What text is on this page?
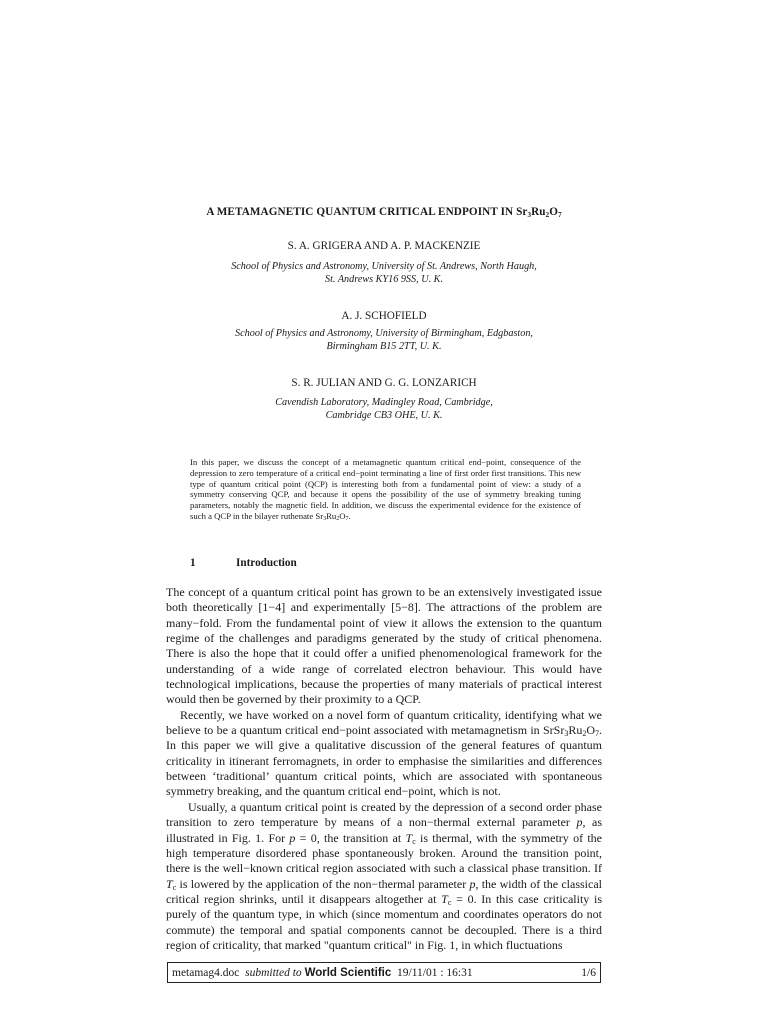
A METAMAGNETIC QUANTUM CRITICAL ENDPOINT IN $Sr_3Ru_2O_7$
S. A. GRIGERA AND A. P. MACKENZIE
School of Physics and Astronomy, University of St. Andrews, North Haugh,
St. Andrews KY16 9SS, U. K.
A. J. SCHOFIELD
School of Physics and Astronomy, University of Birmingham, Edgbaston,
Birmingham B15 2TT, U. K.
S. R. JULIAN AND G. G. LONZARICH
Cavendish Laboratory, Madingley Road, Cambridge,
Cambridge CB3 OHE, U. K.
In this paper, we discuss the concept of a metamagnetic quantum critical end−point, consequence of the depression to zero temperature of a critical end−point terminating a line of first order first transitions. This new type of quantum critical point (QCP) is interesting both from a fundamental point of view: a study of a symmetry conserving QCP, and because it opens the possibility of the use of symmetry breaking tuning parameters, notably the magnetic field. In addition, we discuss the experimental evidence for the existence of such a QCP in the bilayer ruthenate $Sr_3Ru_2O_7$.
1	Introduction

The concept of a quantum critical point has grown to be an extensively investigated issue both theoretically [1−4] and experimentally [5−8]. The attractions of the problem are many−fold. From the fundamental point of view it allows the extension to the quantum regime of the challenges and paradigms generated by the study of critical phenomena. There is also the hope that it could offer a unified phenomenological framework for the understanding of a wide range of correlated electron behaviour. This would have technological implications, because the properties of many materials of practical interest would then be governed by their proximity to a QCP.

Recently, we have worked on a novel form of quantum criticality, identifying what we believe to be a quantum critical end−point associated with metamagnetism in $SrSr_3Ru_2O_7$. In this paper we will give a qualitative discussion of the general features of quantum criticality in itinerant ferromagnets, in order to emphasise the similarities and differences between ‘traditional’ quantum critical points, which are associated with spontaneous symmetry breaking, and the quantum critical end−point, which is not.

Usually, a quantum critical point is created by the depression of a second order phase transition to zero temperature by means of a non−thermal external parameter p, as illustrated in Fig. 1. For p = 0, the transition at $T_c$ is thermal, with the symmetry of the high temperature disordered phase spontaneously broken. Around the transition point, there is the well−known critical region associated with such a classical phase transition. If $T_c$ is lowered by the application of the non−thermal parameter p, the width of the classical critical region shrinks, until it disappears altogether at $T_c = 0$. In this case criticality is purely of the quantum type, in which (since momentum and coordinates operators do not commute) the temporal and spatial components cannot be decoupled. There is a third region of criticality, that marked "quantum critical" in Fig. 1, in which fluctuations

metamag4.doc
submitted to
World Scientific
19/11/01 : 16:31	1/6
